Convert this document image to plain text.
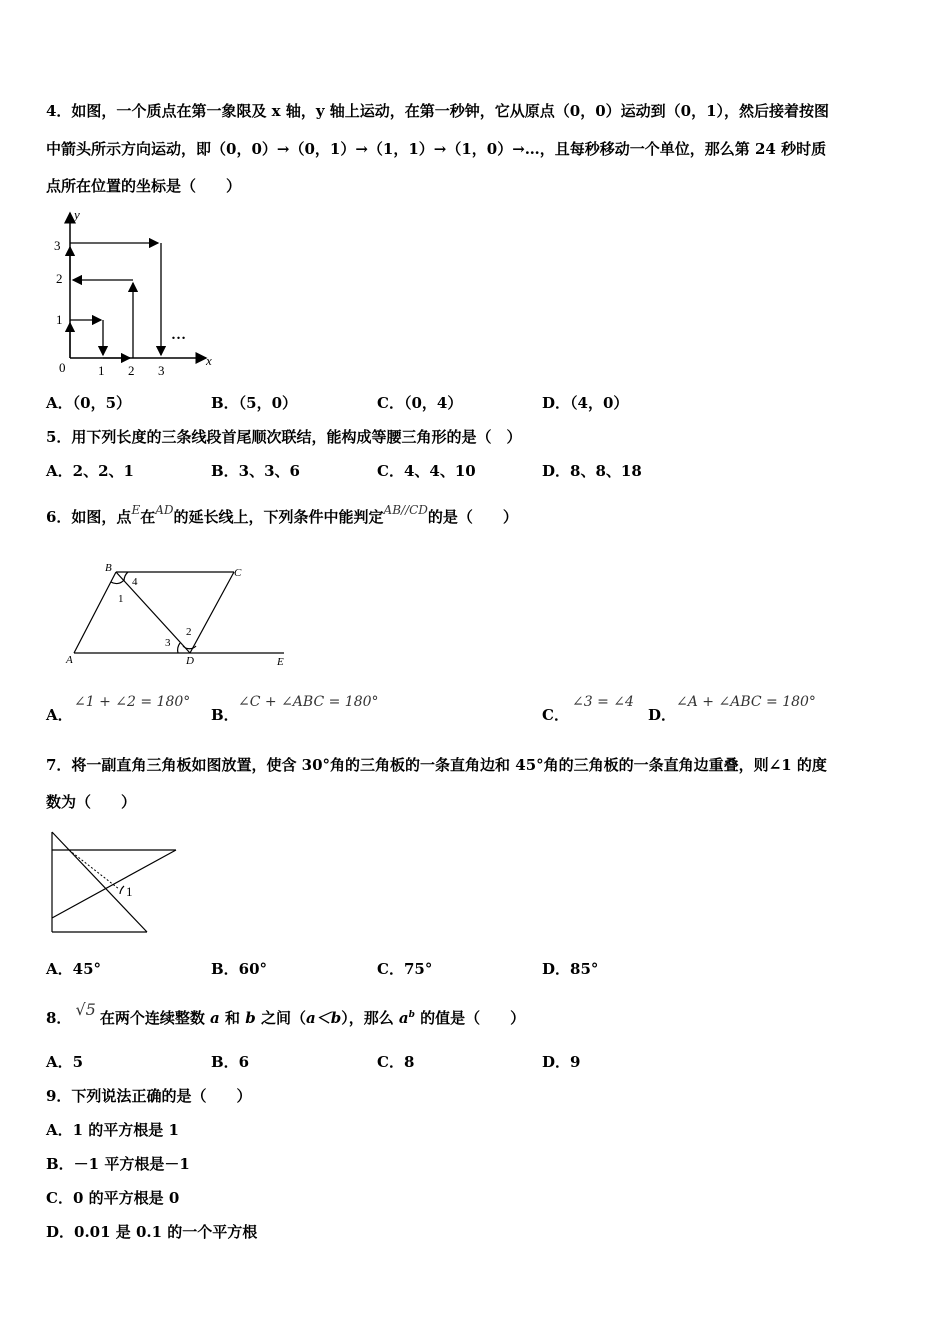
4．如图，一个质点在第一象限及 x 轴，y 轴上运动，在第一秒钟，它从原点（0，0）运动到（0，1），然后接着按图
中箭头所示方向运动，即（0，0）→（0，1）→（1，1）→（1，0）→…，且每秒移动一个单位，那么第 24 秒时质
点所在位置的坐标是（　　）
y
x
0	1 2 3
1
2
3
…
A．（0，5）	B．（5，0）	C．（0，4）	D．（4，0）
5．用下列长度的三条线段首尾顺次联结，能构成等腰三角形的是（　）
A．2、2、1	B．3、3、6	C．4、4、10	D．8、8、18
6．如图，点$^E$在$^{AD}$的延长线上，下列条件中能判定$^{AB//CD}$的是（　　）
A
B	C
D	E
1
2
3
4
A．
∠1 + ∠2 = 180°
B．
∠C + ∠ABC = 180°
C．
∠3 = ∠4
D．
∠A + ∠ABC = 180°
7．将一副直角三角板如图放置，使含 30°角的三角板的一条直角边和 45°角的三角板的一条直角边重叠，则∠1 的度
数为（　　）
1
A．45°	B．60°	C．75°	D．85°
8． √5 在两个连续整数 a 和 b 之间（a＜b），那么 $a^b$ 的值是（　　）
A．5	B．6	C．8	D．9
9．下列说法正确的是（　　）
A．1 的平方根是 1
B．－1 平方根是－1
C．0 的平方根是 0
D．0.01 是 0.1 的一个平方根
